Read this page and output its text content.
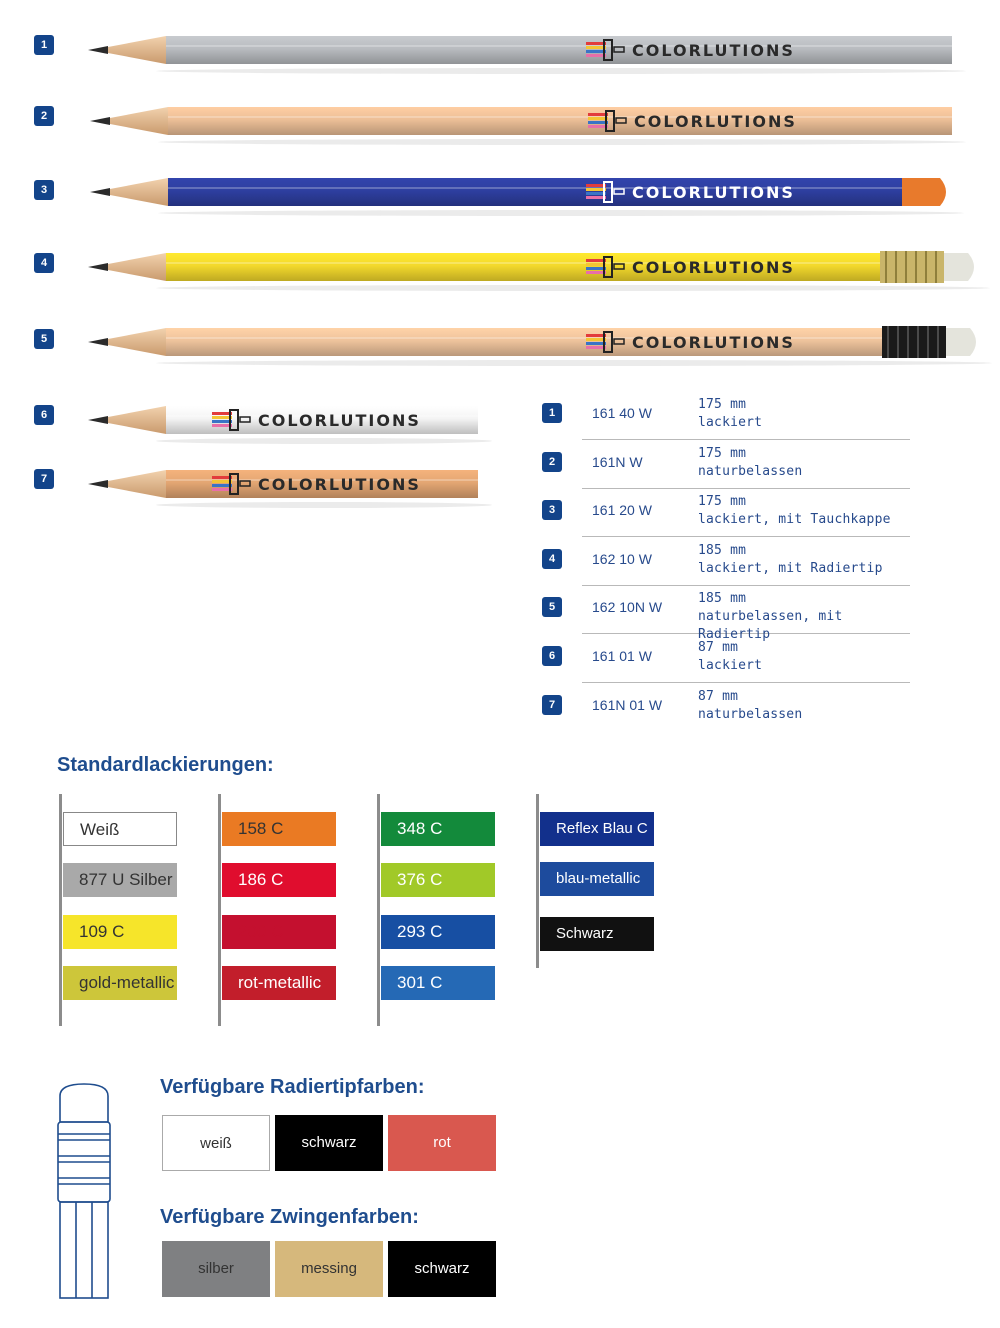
1	COLORLUTIONS
2	COLORLUTIONS
3	COLORLUTIONS
4	COLORLUTIONS
5	COLORLUTIONS
6	COLORLUTIONS
7	COLORLUTIONS
1	161 40 W
175 mm
lackiert
2	161N W
175 mm
naturbelassen
3	161 20 W
175 mm
lackiert, mit Tauchkappe
4	162 10 W
185 mm
lackiert, mit Radiertip
5	162 10N W
185 mm
naturbelassen, mit Radiertip
6	161 01 W
87 mm
lackiert
7	161N 01 W
87 mm
naturbelassen
Standardlackierungen:
Weiß
877 U Silber
109 C
gold-metallic
158 C
186 C
200 C
rot-metallic
348 C
376 C
293 C
301 C
Reflex Blau C
blau-metallic
Schwarz
Verfügbare Radiertipfarben:
weiß	schwarz	rot
Verfügbare Zwingenfarben:
silber	messing	schwarz
